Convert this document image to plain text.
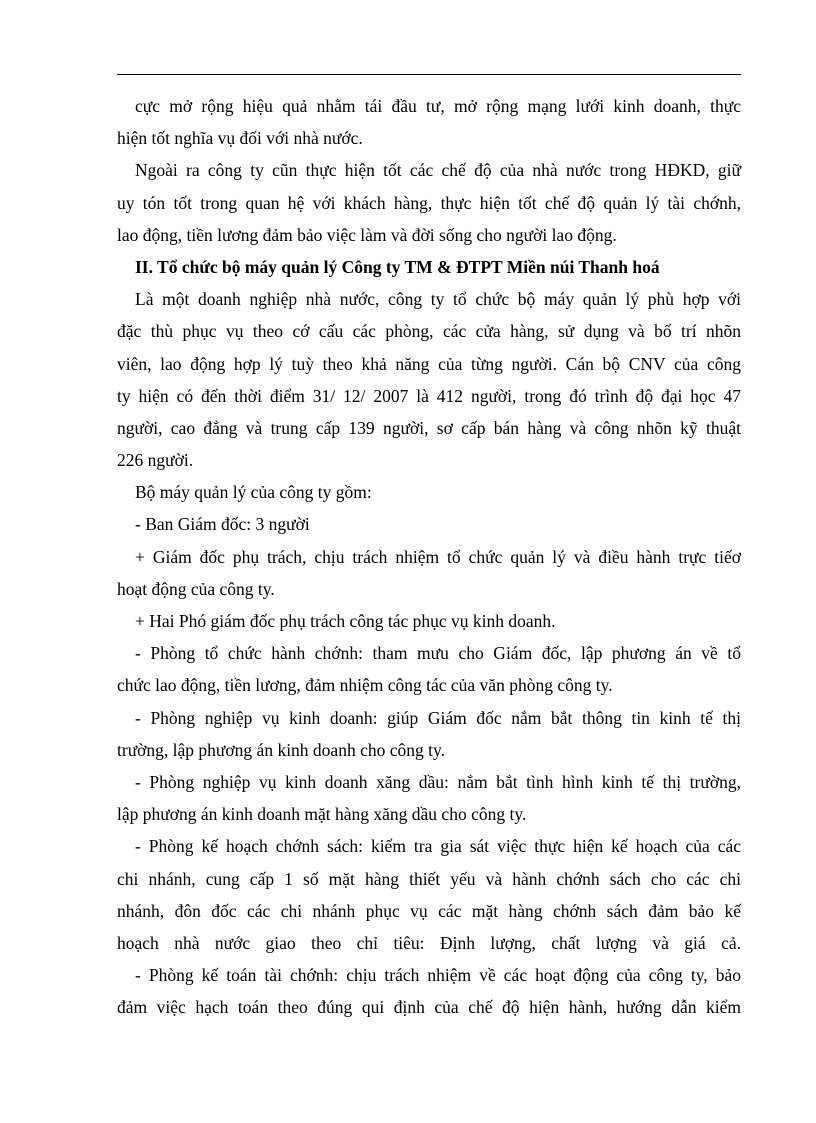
cực mở rộng hiệu quả nhằm tái đầu tư, mở rộng mạng lưới kinh doanh, thực
hiện tốt nghĩa vụ đối với nhà nước.
Ngoài ra công ty cũn thực hiện tốt các chế độ của nhà nước trong HĐKD, giữ
uy tón tốt trong quan hệ với khách hàng, thực hiện tốt chế độ quản lý tài chớnh,
lao động, tiền lương đảm bảo việc làm và đời sống cho người lao động.
II. Tổ chức bộ máy quản lý Công ty TM & ĐTPT Miền núi Thanh hoá
Là một doanh nghiệp nhà nước, công ty tổ chức bộ máy quản lý phù hợp với
đặc thù phục vụ theo cớ cấu các phòng, các cửa hàng, sử dụng và bố trí nhõn
viên, lao động hợp lý tuỳ theo khả năng của từng người. Cán bộ CNV của công
ty hiện có đến thời điểm 31/ 12/ 2007 là 412 người, trong đó trình độ đại học 47
người, cao đẳng và trung cấp 139 người, sơ cấp bán hàng và công nhõn kỹ thuật
226 người.
Bộ máy quản lý của công ty gồm:
- Ban Giám đốc: 3 người
+ Giám đốc phụ trách, chịu trách nhiệm tổ chức quản lý và điều hành trực tiếơ
hoạt động của công ty.
+ Hai Phó giám đốc phụ trách công tác phục vụ kinh doanh.
- Phòng tổ chức hành chớnh: tham mưu cho Giám đốc, lập phương án về tổ
chức lao động, tiền lương, đảm nhiệm công tác của văn phòng công ty.
- Phòng nghiệp vụ kinh doanh: giúp Giám đốc nắm bắt thông tin kinh tế thị
trường, lập phương án kinh doanh cho công ty.
- Phòng nghiệp vụ kinh doanh xăng dầu: nắm bắt tình hình kinh tế thị trường,
lập phương án kinh doanh mặt hàng xăng dầu cho công ty.
- Phòng kế hoạch chớnh sách: kiểm tra gia sát việc thực hiện kế hoạch của các
chi nhánh, cung cấp 1 số mặt hàng thiết yếu và hành chớnh sách cho các chi
nhánh, đôn đốc các chi nhánh phục vụ các mặt hàng chớnh sách đảm bảo kế
hoạch nhà nước giao theo chỉ tiêu: Định lượng, chất lượng và giá cả.
- Phòng kế toán tài chớnh: chịu trách nhiệm về các hoạt động của công ty, bảo
đảm việc hạch toán theo đúng qui định của chế độ hiện hành, hướng dẫn kiểm
